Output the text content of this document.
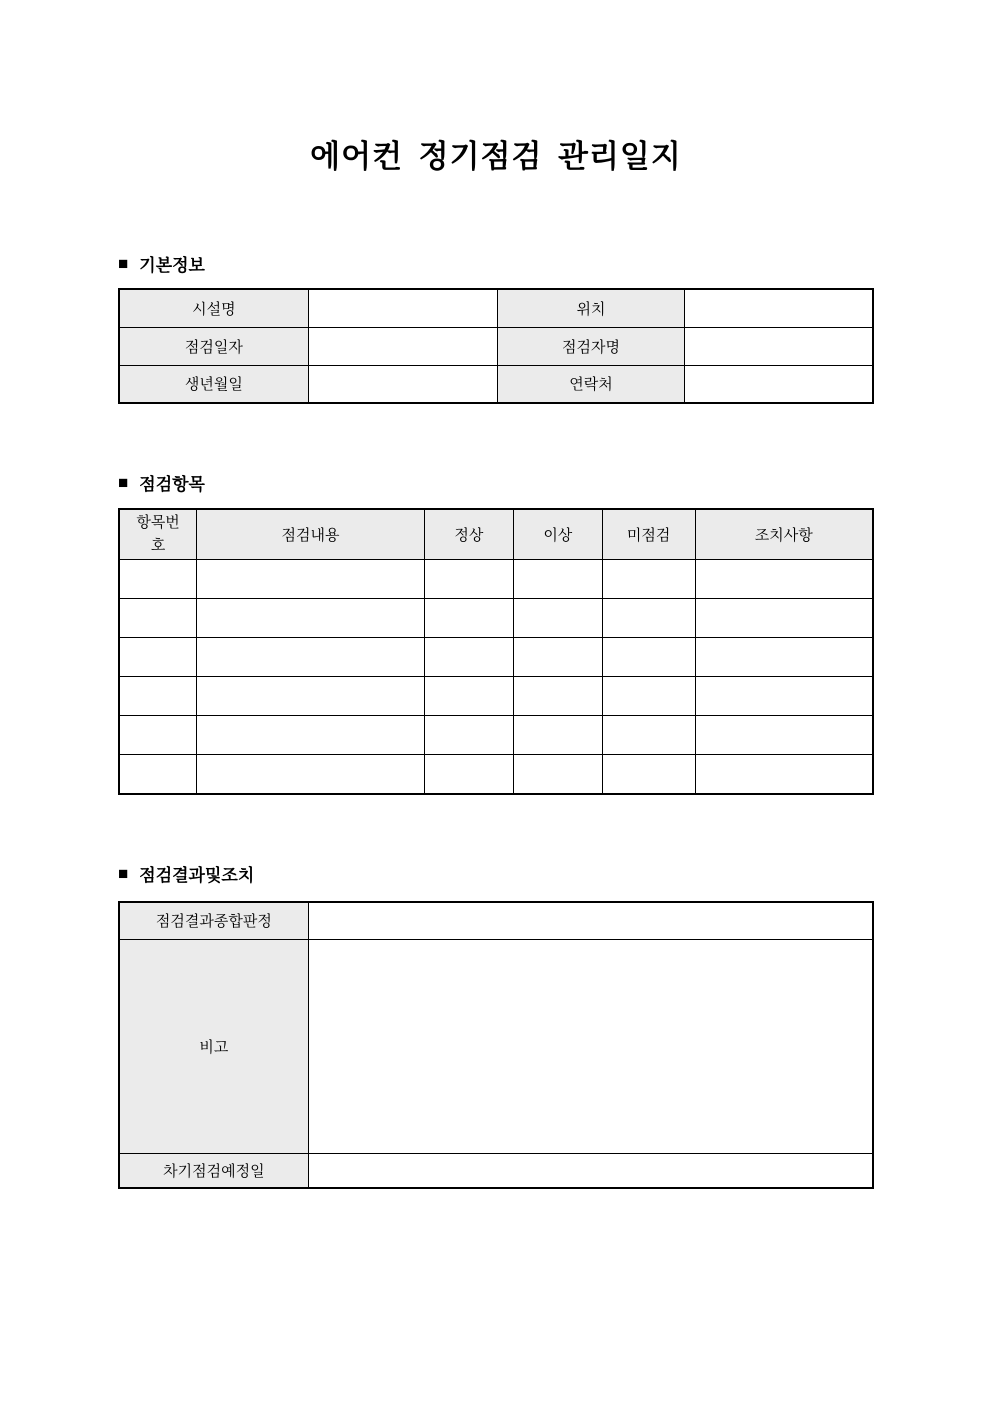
에어컨 정기점검 관리일지
■ 기본정보
시설명		위치	
점검일자		점검자명	
생년월일		연락처	
■ 점검항목
항목번호	점검내용	정상	이상	미점검	조치사항

■ 점검결과및조치
점검결과종합판정	
비고	
차기점검예정일	
